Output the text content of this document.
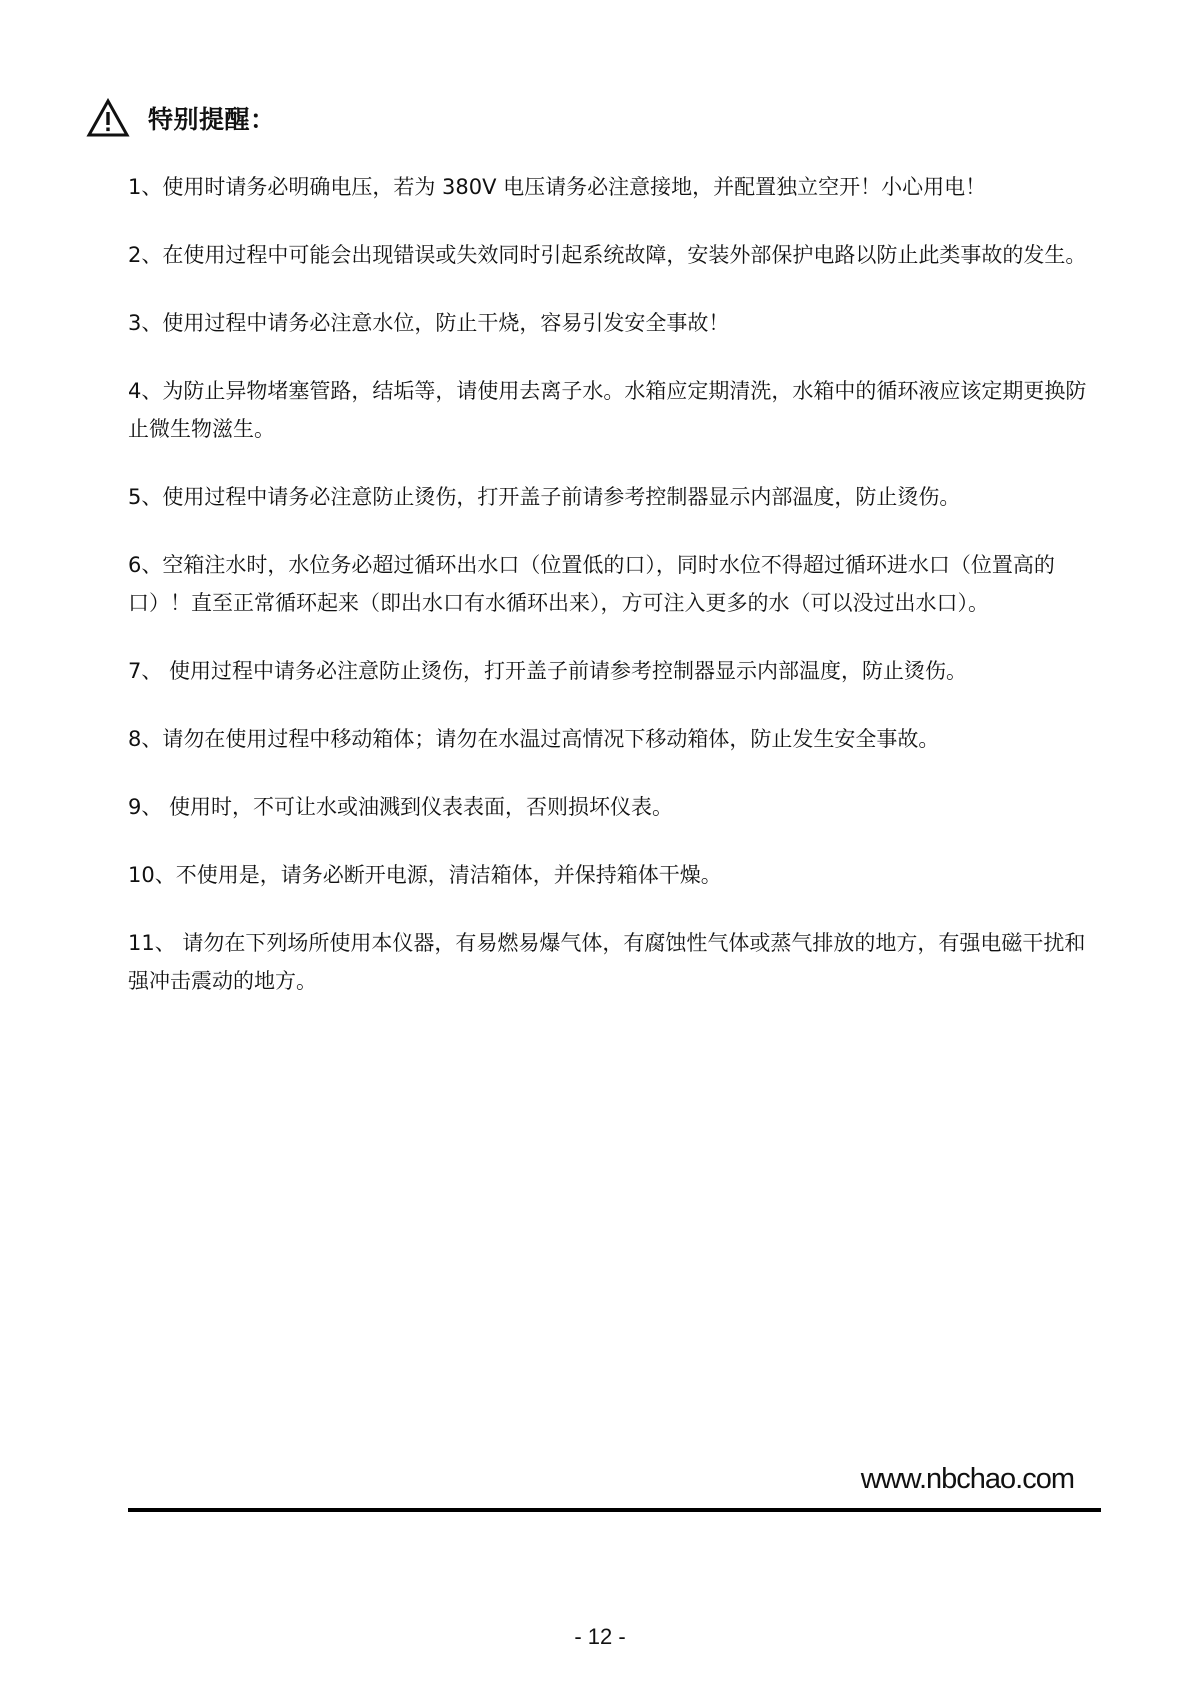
特别提醒：
1、使用时请务必明确电压，若为 380V 电压请务必注意接地，并配置独立空开！小心用电！
2、在使用过程中可能会出现错误或失效同时引起系统故障，安装外部保护电路以防止此类事故的发生。
3、使用过程中请务必注意水位，防止干烧，容易引发安全事故！
4、为防止异物堵塞管路，结垢等，请使用去离子水。水箱应定期清洗，水箱中的循环液应该定期更换防止微生物滋生。
5、使用过程中请务必注意防止烫伤，打开盖子前请参考控制器显示内部温度，防止烫伤。
6、空箱注水时，水位务必超过循环出水口（位置低的口），同时水位不得超过循环进水口（位置高的口）！直至正常循环起来（即出水口有水循环出来），方可注入更多的水（可以没过出水口）。
7、 使用过程中请务必注意防止烫伤，打开盖子前请参考控制器显示内部温度，防止烫伤。
8、请勿在使用过程中移动箱体；请勿在水温过高情况下移动箱体，防止发生安全事故。
9、 使用时，不可让水或油溅到仪表表面，否则损坏仪表。
10、不使用是，请务必断开电源，清洁箱体，并保持箱体干燥。
11、 请勿在下列场所使用本仪器，有易燃易爆气体，有腐蚀性气体或蒸气排放的地方，有强电磁干扰和强冲击震动的地方。
www.nbchao.com
- 12 -
